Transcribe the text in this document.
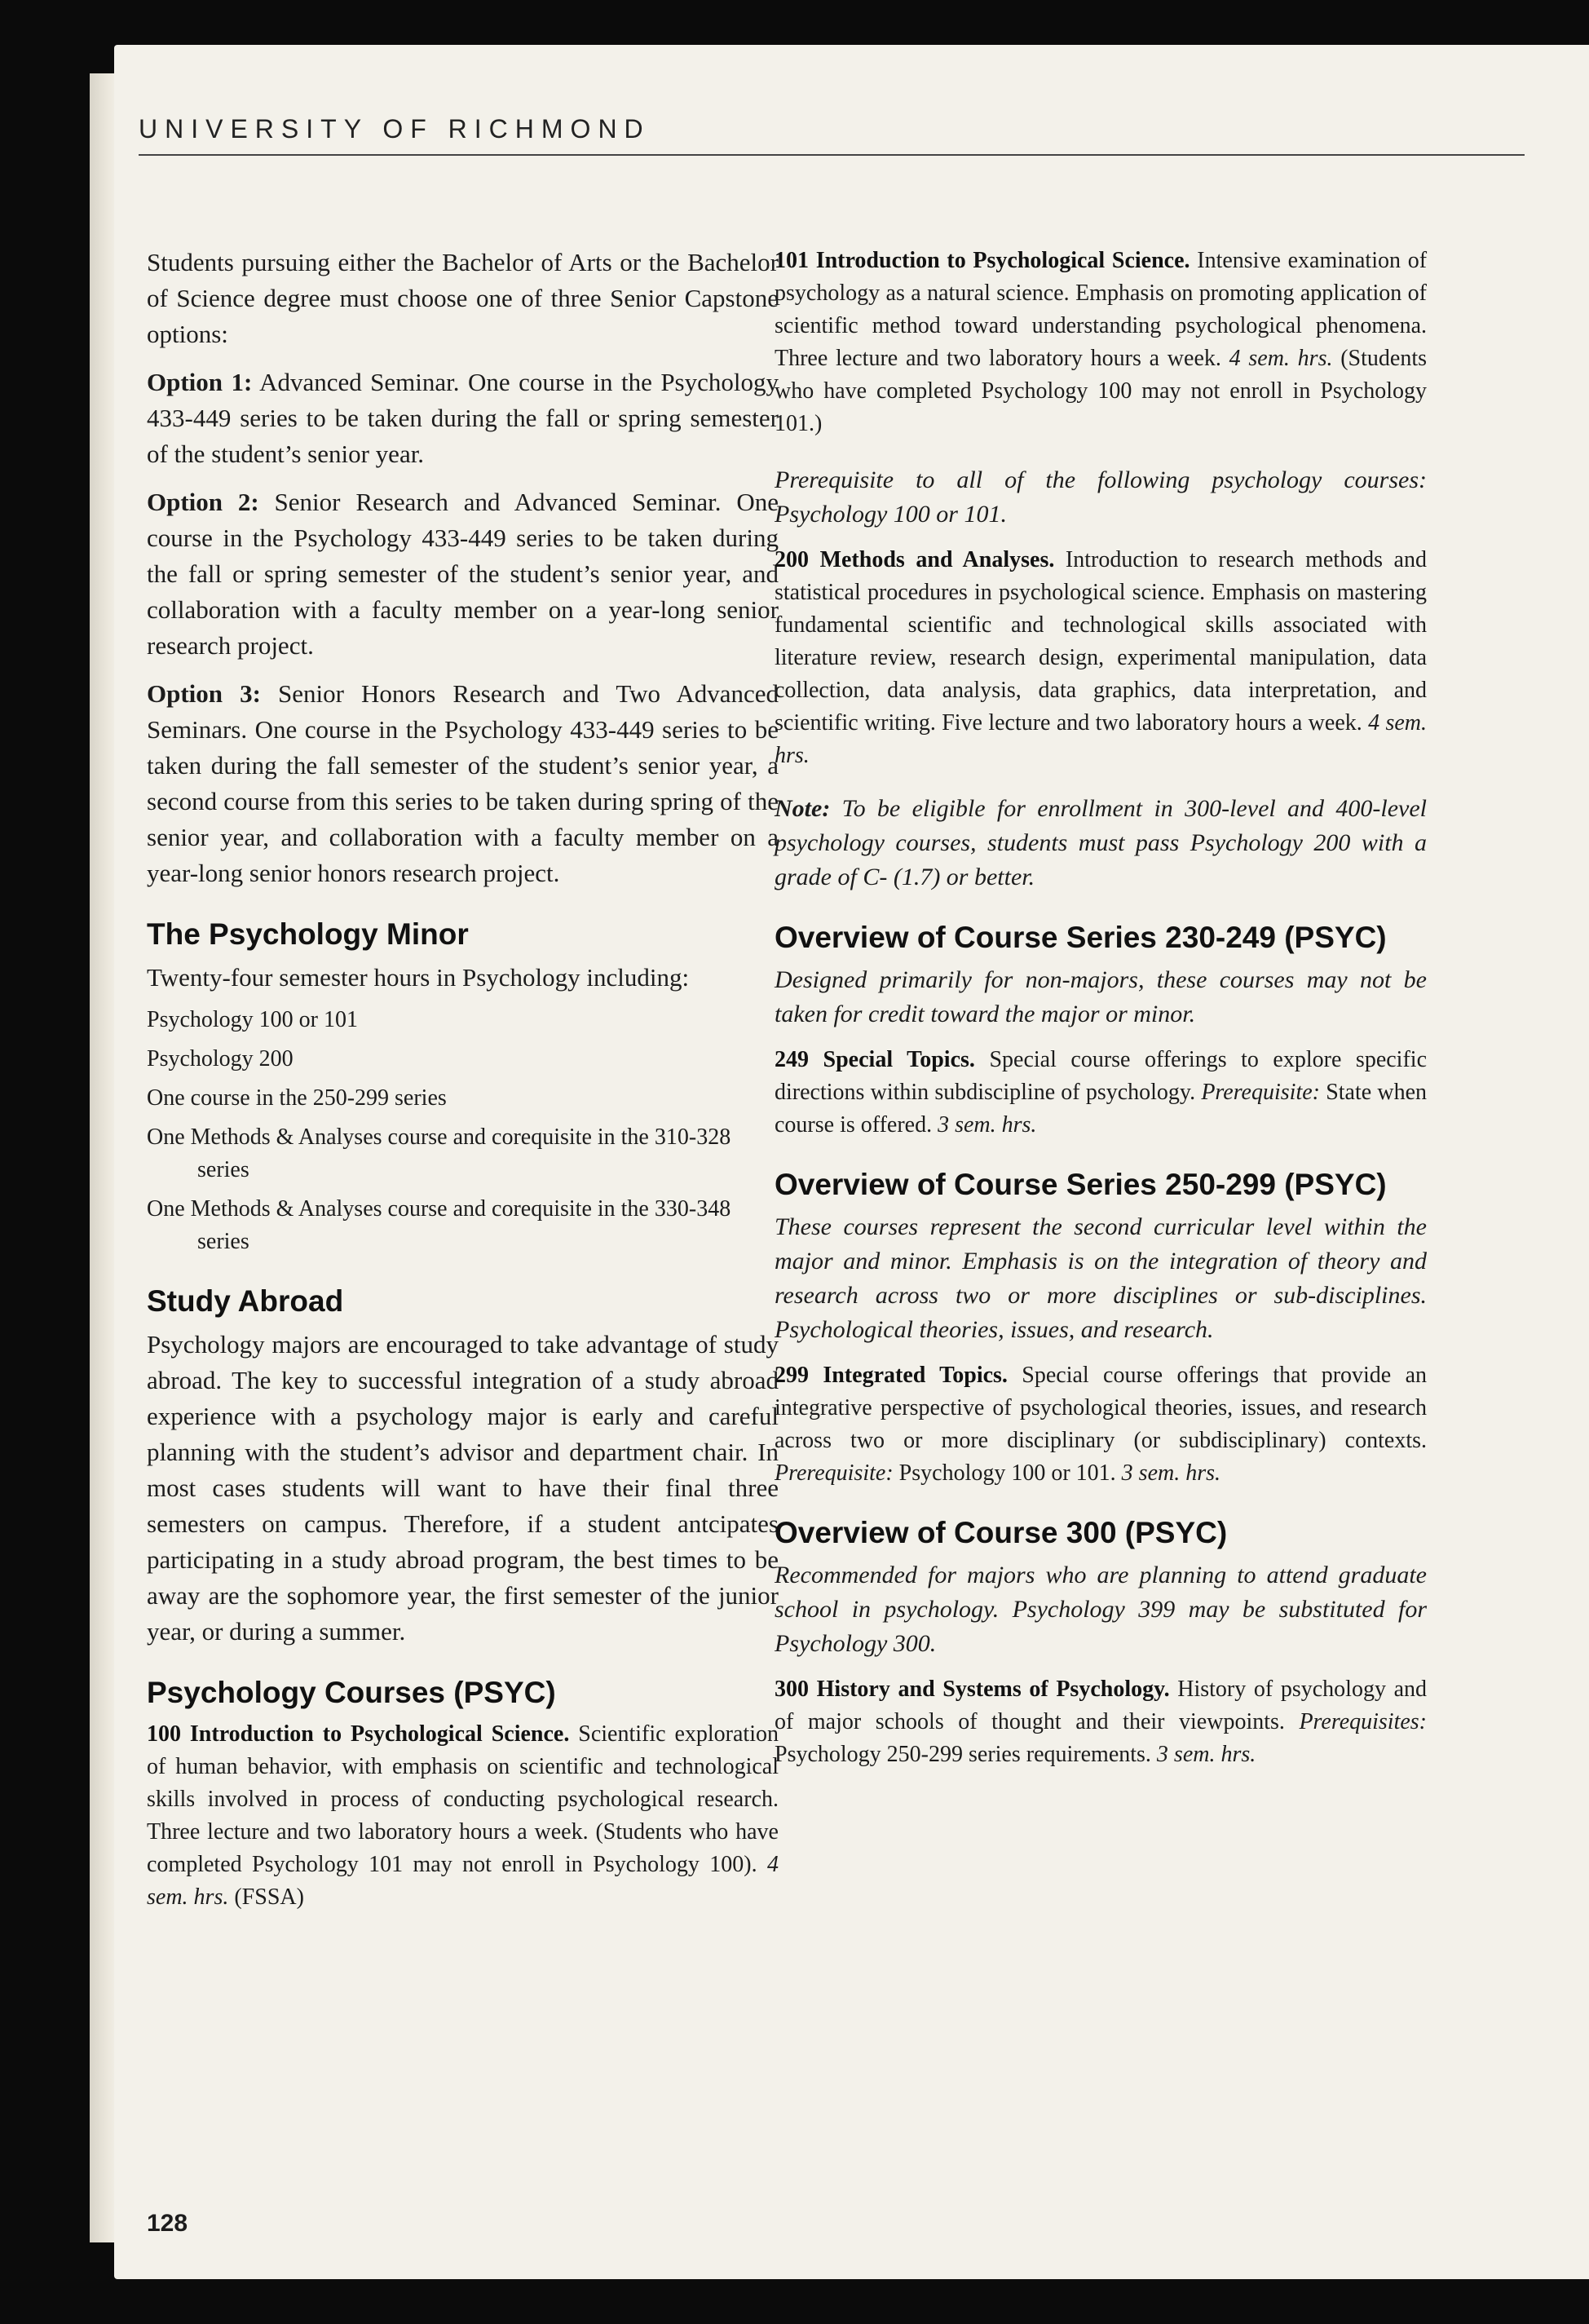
UNIVERSITY OF RICHMOND

Students pursuing either the Bachelor of Arts or the Bachelor of Science degree must choose one of three Senior Capstone options:

Option 1: Advanced Seminar. One course in the Psychology 433-449 series to be taken during the fall or spring semester of the student’s senior year.

Option 2: Senior Research and Advanced Seminar. One course in the Psychology 433-449 series to be taken during the fall or spring semester of the student’s senior year, and collaboration with a faculty member on a year-long senior research project.

Option 3: Senior Honors Research and Two Advanced Seminars. One course in the Psychology 433-449 series to be taken during the fall semester of the student’s senior year, a second course from this series to be taken during spring of the senior year, and collaboration with a faculty member on a year-long senior honors research project.

The Psychology Minor

Twenty-four semester hours in Psychology including:

Psychology 100 or 101
Psychology 200
One course in the 250-299 series
One Methods & Analyses course and corequisite in the 310-328 series
One Methods & Analyses course and corequisite in the 330-348 series
Study Abroad

Psychology majors are encouraged to take advantage of study abroad. The key to successful integration of a study abroad experience with a psychology major is early and careful planning with the student’s advisor and department chair. In most cases students will want to have their final three semesters on campus. Therefore, if a student antcipates participating in a study abroad program, the best times to be away are the sophomore year, the first semester of the junior year, or during a summer.

Psychology Courses (PSYC)

100 Introduction to Psychological Science. Scientific exploration of human behavior, with emphasis on scientific and technological skills involved in process of conducting psychological research. Three lecture and two laboratory hours a week. (Students who have completed Psychology 101 may not enroll in Psychology 100). 4 sem. hrs. (FSSA)

128

101 Introduction to Psychological Science. Intensive examination of psychology as a natural science. Emphasis on promoting application of scientific method toward understanding psychological phenomena. Three lecture and two laboratory hours a week. 4 sem. hrs. (Students who have completed Psychology 100 may not enroll in Psychology 101.)

Prerequisite to all of the following psychology courses: Psychology 100 or 101.

200 Methods and Analyses. Introduction to research methods and statistical procedures in psychological science. Emphasis on mastering fundamental scientific and technological skills associated with literature review, research design, experimental manipulation, data collection, data analysis, data graphics, data interpretation, and scientific writing. Five lecture and two laboratory hours a week. 4 sem. hrs.

Note: To be eligible for enrollment in 300-level and 400-level psychology courses, students must pass Psychology 200 with a grade of C- (1.7) or better.

Overview of Course Series 230-249 (PSYC)

Designed primarily for non-majors, these courses may not be taken for credit toward the major or minor.

249 Special Topics. Special course offerings to explore specific directions within subdiscipline of psychology. Prerequisite: State when course is offered. 3 sem. hrs.

Overview of Course Series 250-299 (PSYC)

These courses represent the second curricular level within the major and minor. Emphasis is on the integration of theory and research across two or more disciplines or sub-disciplines. Psychological theories, issues, and research.

299 Integrated Topics. Special course offerings that provide an integrative perspective of psychological theories, issues, and research across two or more disciplinary (or subdisciplinary) contexts. Prerequisite: Psychology 100 or 101. 3 sem. hrs.

Overview of Course 300 (PSYC)

Recommended for majors who are planning to attend graduate school in psychology. Psychology 399 may be substituted for Psychology 300.

300 History and Systems of Psychology. History of psychology and of major schools of thought and their viewpoints. Prerequisites: Psychology 250-299 series requirements. 3 sem. hrs.
